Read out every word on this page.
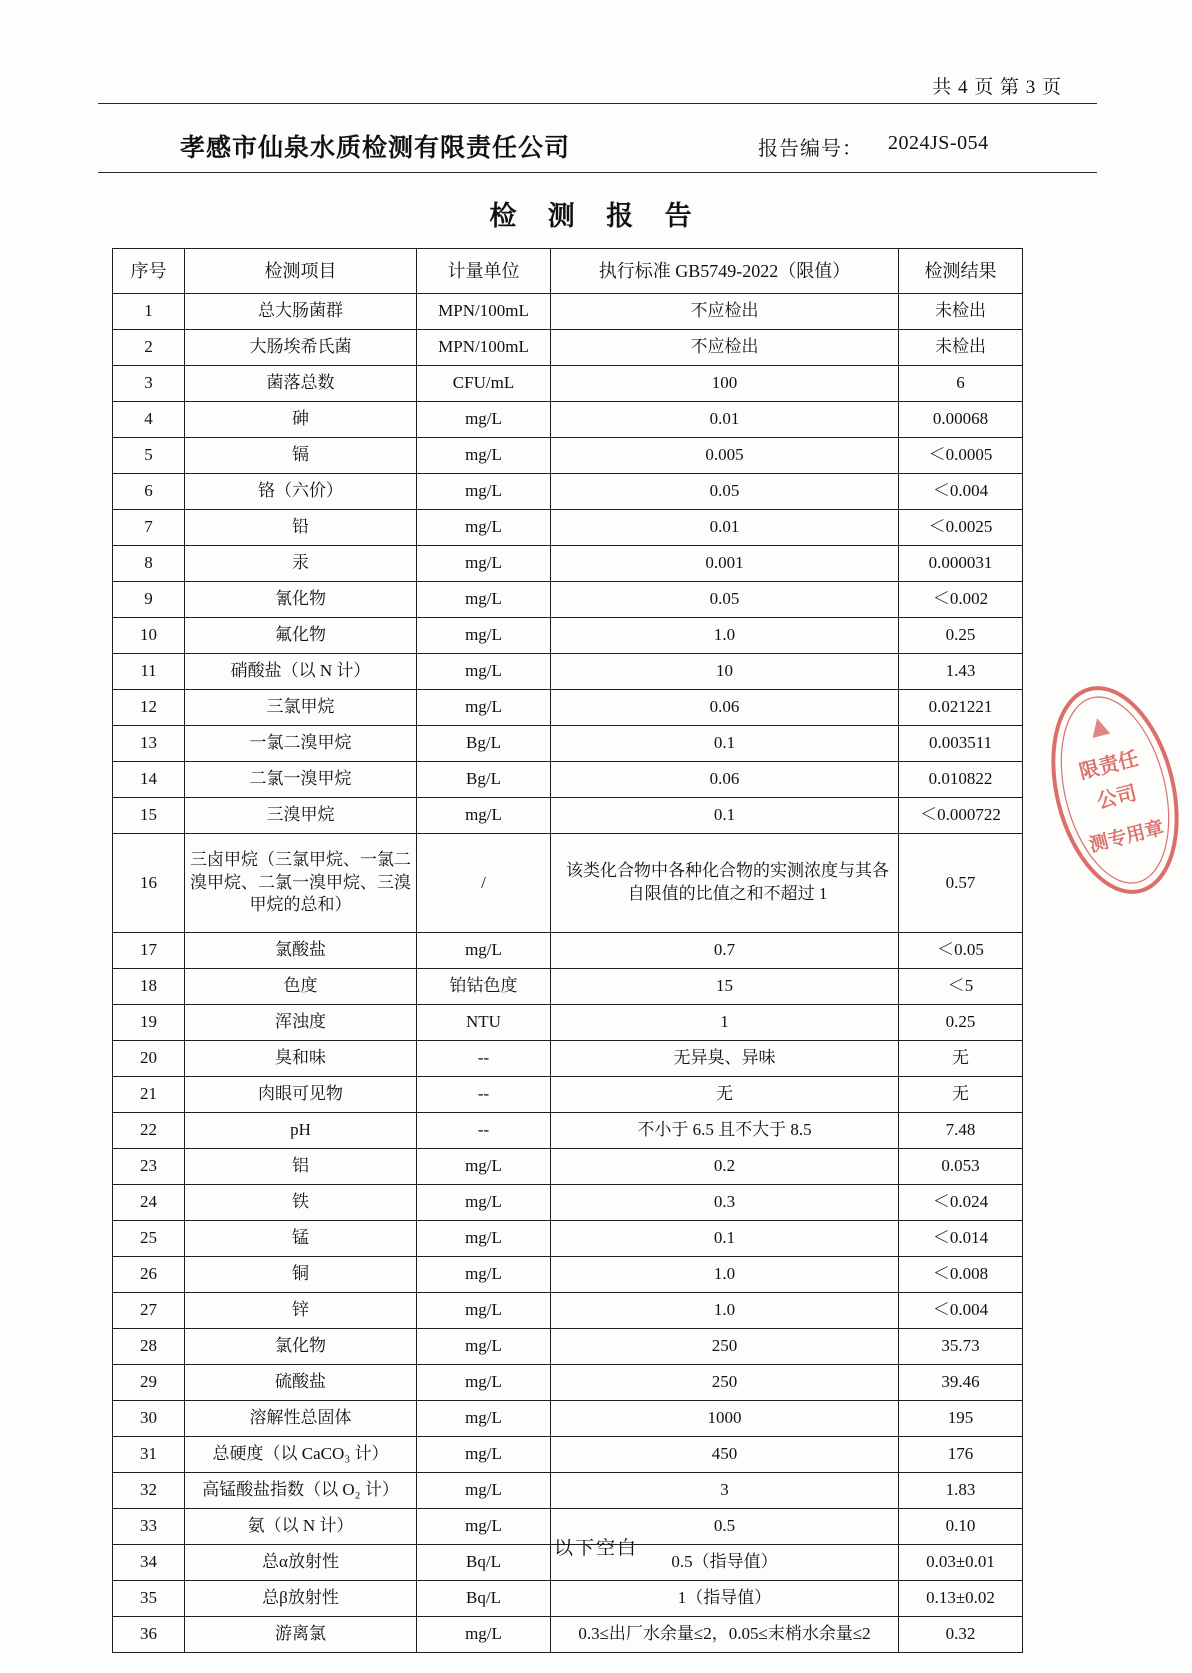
共 4 页 第 3 页
孝感市仙泉水质检测有限责任公司	报告编号： 2024JS-054
检 测 报 告
序号	检测项目	计量单位	执行标准 GB5749-2022（限值）	检测结果
1	总大肠菌群	MPN/100mL	不应检出	未检出
2	大肠埃希氏菌	MPN/100mL	不应检出	未检出
3	菌落总数	CFU/mL	100	6
4	砷	mg/L	0.01	0.00068
5	镉	mg/L	0.005	＜0.0005
6	铬（六价）	mg/L	0.05	＜0.004
7	铅	mg/L	0.01	＜0.0025
8	汞	mg/L	0.001	0.000031
9	氰化物	mg/L	0.05	＜0.002
10	氟化物	mg/L	1.0	0.25
11	硝酸盐（以 N 计）	mg/L	10	1.43
12	三氯甲烷	mg/L	0.06	0.021221
13	一氯二溴甲烷	Bg/L	0.1	0.003511
14	二氯一溴甲烷	Bg/L	0.06	0.010822
15	三溴甲烷	mg/L	0.1	＜0.000722
16	三卤甲烷（三氯甲烷、一氯二溴甲烷、二氯一溴甲烷、三溴甲烷的总和）	/	该类化合物中各种化合物的实测浓度与其各自限值的比值之和不超过 1	0.57
17	氯酸盐	mg/L	0.7	＜0.05
18	色度	铂钴色度	15	＜5
19	浑浊度	NTU	1	0.25
20	臭和味	--	无异臭、异味	无
21	肉眼可见物	--	无	无
22	pH	--	不小于 6.5 且不大于 8.5	7.48
23	铝	mg/L	0.2	0.053
24	铁	mg/L	0.3	＜0.024
25	锰	mg/L	0.1	＜0.014
26	铜	mg/L	1.0	＜0.008
27	锌	mg/L	1.0	＜0.004
28	氯化物	mg/L	250	35.73
29	硫酸盐	mg/L	250	39.46
30	溶解性总固体	mg/L	1000	195
31	总硬度（以 CaCO₃ 计）	mg/L	450	176
32	高锰酸盐指数（以 O₂ 计）	mg/L	3	1.83
33	氨（以 N 计）	mg/L	0.5	0.10
34	总α放射性	Bq/L	0.5（指导值）	0.03±0.01
35	总β放射性	Bq/L	1（指导值）	0.13±0.02
36	游离氯	mg/L	0.3≤出厂水余量≤2，0.05≤末梢水余量≤2	0.32
以下空白
限责任
公司
测专用章
